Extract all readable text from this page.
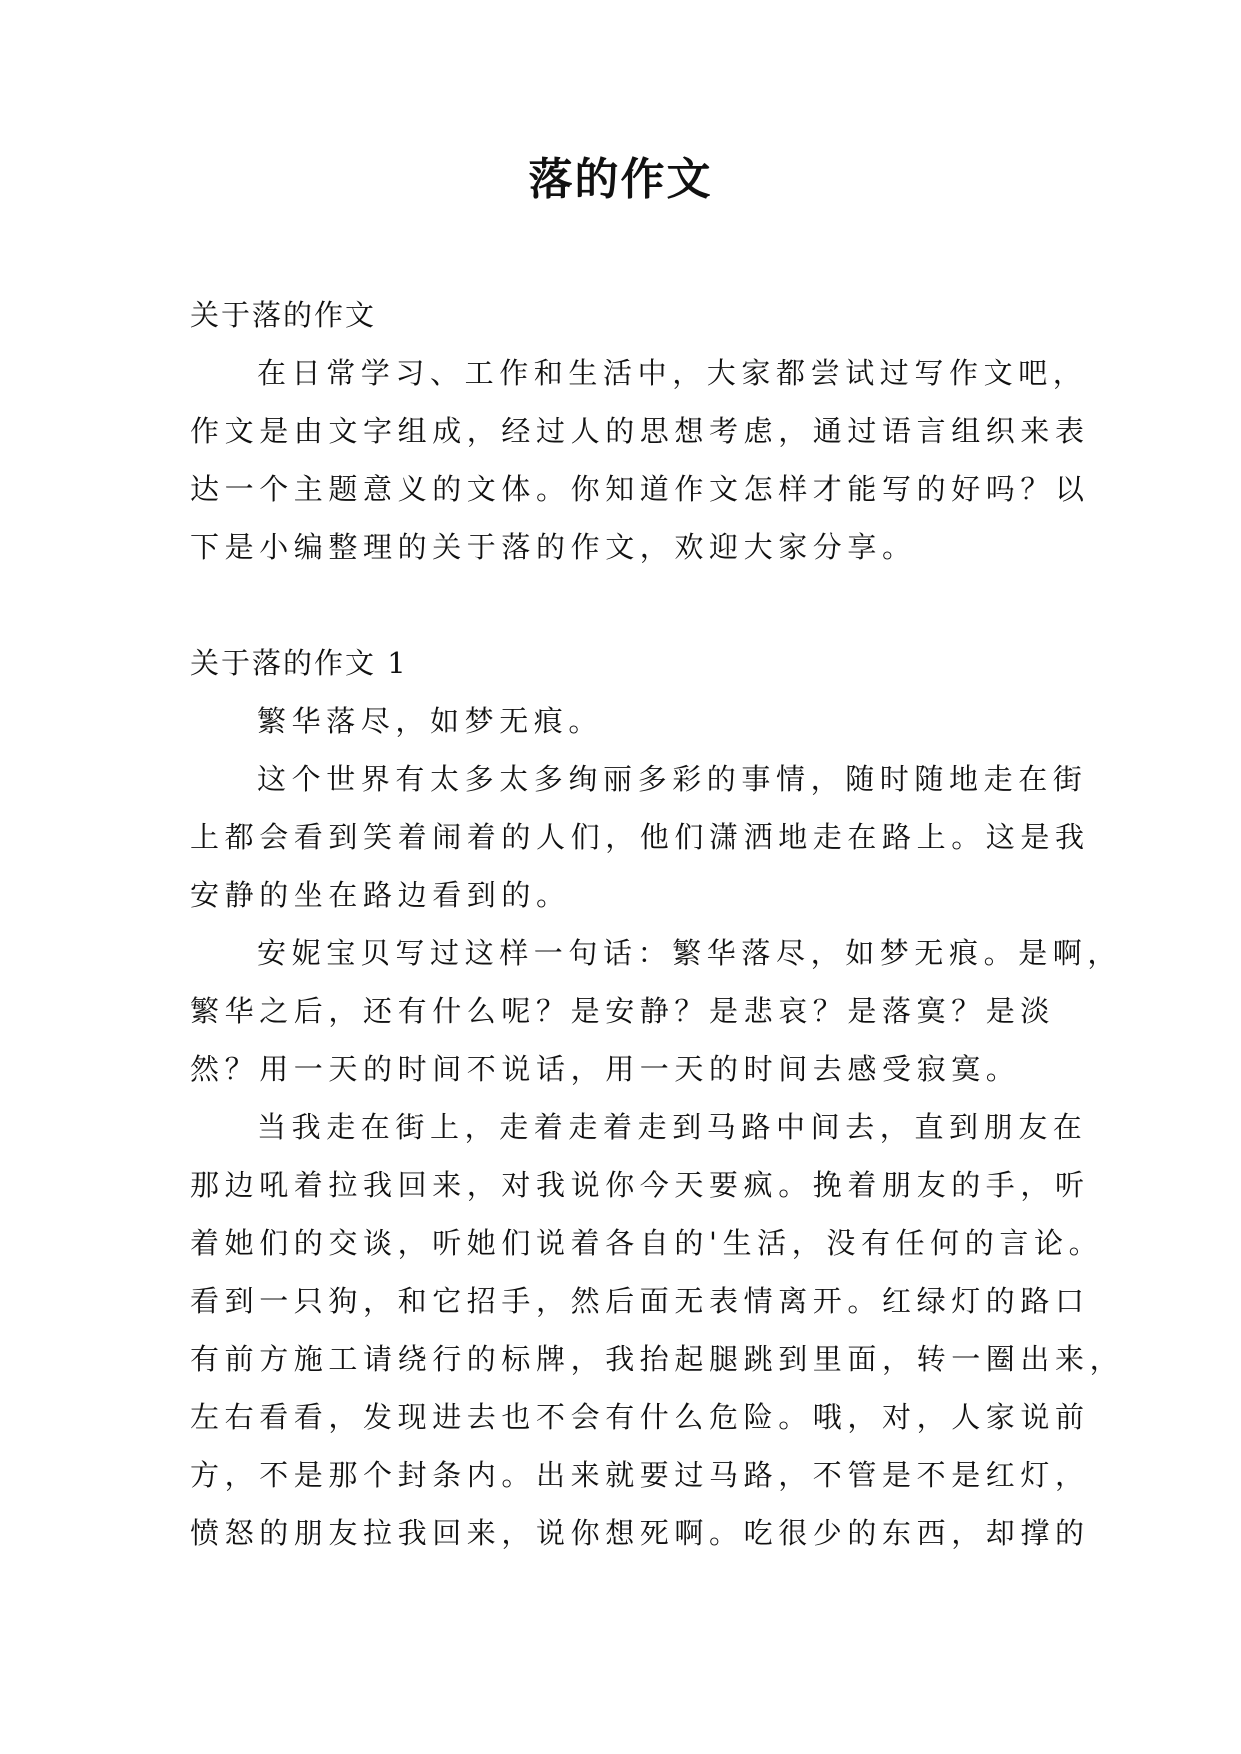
落的作文
关于落的作文
在日常学习、工作和生活中，大家都尝试过写作文吧，
作文是由文字组成，经过人的思想考虑，通过语言组织来表
达一个主题意义的文体。你知道作文怎样才能写的好吗？以
下是小编整理的关于落的作文，欢迎大家分享。
关于落的作文 1
繁华落尽，如梦无痕。
这个世界有太多太多绚丽多彩的事情，随时随地走在街
上都会看到笑着闹着的人们，他们潇洒地走在路上。这是我
安静的坐在路边看到的。
安妮宝贝写过这样一句话：繁华落尽，如梦无痕。是啊，
繁华之后，还有什么呢？是安静？是悲哀？是落寞？是淡
然？用一天的时间不说话，用一天的时间去感受寂寞。
当我走在街上，走着走着走到马路中间去，直到朋友在
那边吼着拉我回来，对我说你今天要疯。挽着朋友的手，听
着她们的交谈，听她们说着各自的'生活，没有任何的言论。
看到一只狗，和它招手，然后面无表情离开。红绿灯的路口
有前方施工请绕行的标牌，我抬起腿跳到里面，转一圈出来，
左右看看，发现进去也不会有什么危险。哦，对，人家说前
方，不是那个封条内。出来就要过马路，不管是不是红灯，
愤怒的朋友拉我回来，说你想死啊。吃很少的东西，却撑的
